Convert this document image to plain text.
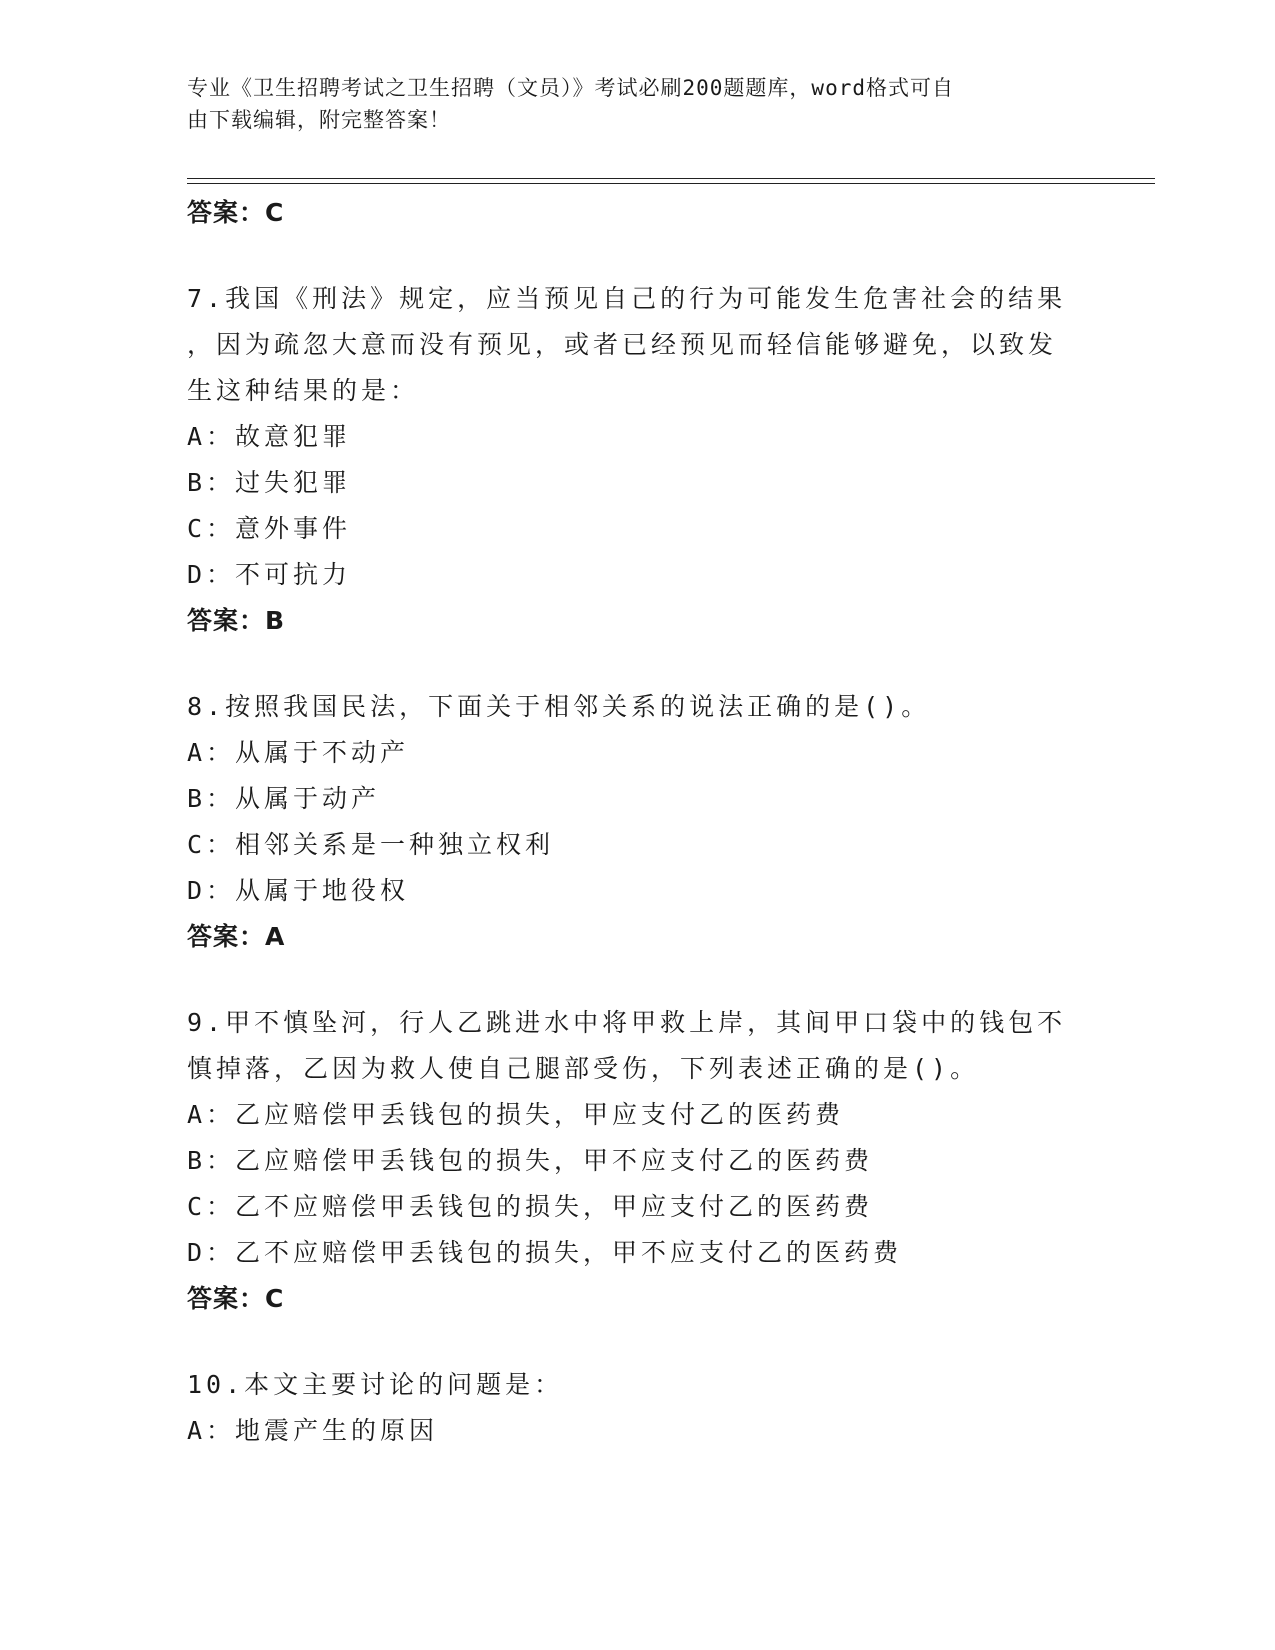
专业《卫生招聘考试之卫生招聘（文员）》考试必刷200题题库，word格式可自
由下载编辑，附完整答案！
答案：C
7.我国《刑法》规定，应当预见自己的行为可能发生危害社会的结果
，因为疏忽大意而没有预见，或者已经预见而轻信能够避免，以致发
生这种结果的是：
A：故意犯罪
B：过失犯罪
C：意外事件
D：不可抗力
答案：B
8.按照我国民法，下面关于相邻关系的说法正确的是()。
A：从属于不动产
B：从属于动产
C：相邻关系是一种独立权利
D：从属于地役权
答案：A
9.甲不慎坠河，行人乙跳进水中将甲救上岸，其间甲口袋中的钱包不
慎掉落，乙因为救人使自己腿部受伤，下列表述正确的是()。
A：乙应赔偿甲丢钱包的损失，甲应支付乙的医药费
B：乙应赔偿甲丢钱包的损失，甲不应支付乙的医药费
C：乙不应赔偿甲丢钱包的损失，甲应支付乙的医药费
D：乙不应赔偿甲丢钱包的损失，甲不应支付乙的医药费
答案：C
10.本文主要讨论的问题是：
A：地震产生的原因
